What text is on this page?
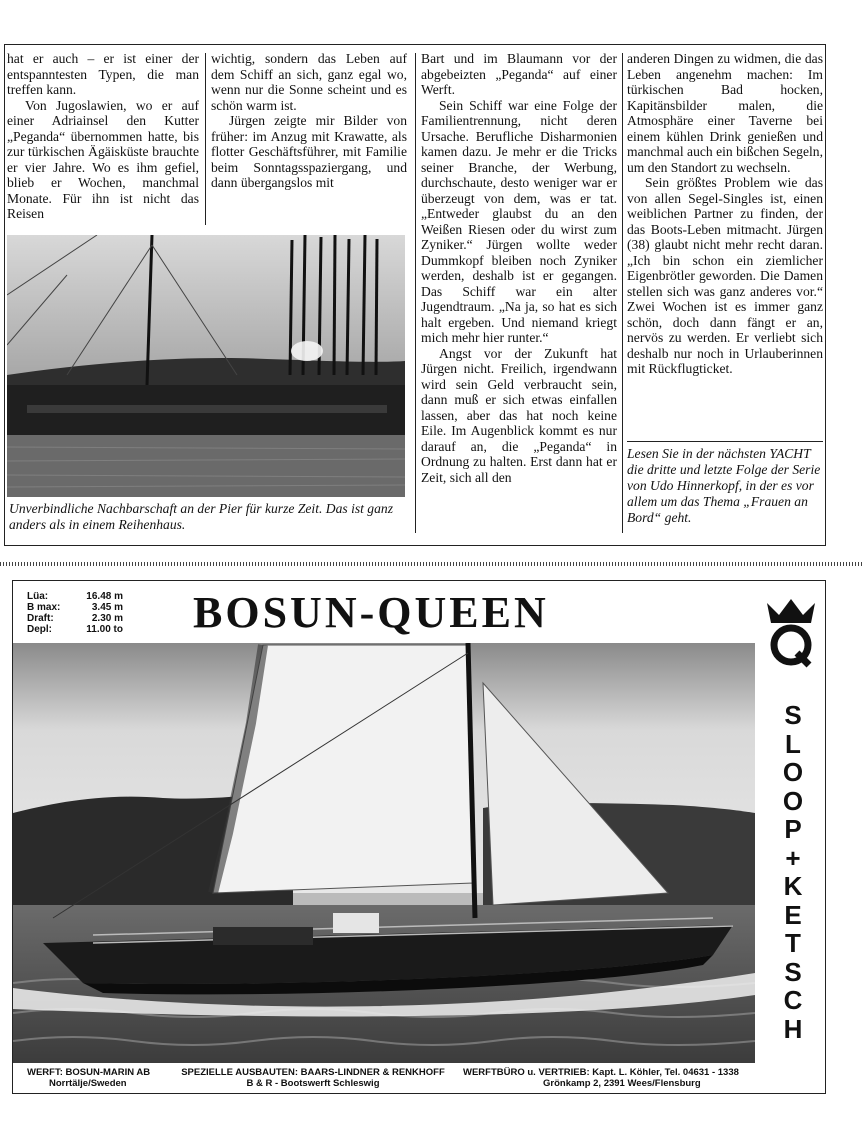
hat er auch – er ist einer der entspanntesten Typen, die man treffen kann.

Von Jugoslawien, wo er auf einer Adriainsel den Kutter „Peganda“ übernommen hatte, bis zur türkischen Ägäisküste brauchte er vier Jahre. Wo es ihm gefiel, blieb er Wochen, manchmal Monate. Für ihn ist nicht das Reisen

wichtig, sondern das Leben auf dem Schiff an sich, ganz egal wo, wenn nur die Sonne scheint und es schön warm ist.

Jürgen zeigte mir Bilder von früher: im Anzug mit Krawatte, als flotter Geschäftsführer, mit Familie beim Sonntagsspaziergang, und dann übergangslos mit

Bart und im Blaumann vor der abgebeizten „Peganda“ auf einer Werft.

Sein Schiff war eine Folge der Familientrennung, nicht deren Ursache. Berufliche Disharmonien kamen dazu. Je mehr er die Tricks seiner Branche, der Werbung, durchschaute, desto weniger war er überzeugt von dem, was er tat. „Entweder glaubst du an den Weißen Riesen oder du wirst zum Zyniker.“ Jürgen wollte weder Dummkopf bleiben noch Zyniker werden, deshalb ist er gegangen. Das Schiff war ein alter Jugendtraum. „Na ja, so hat es sich halt ergeben. Und niemand kriegt mich mehr hier runter.“

Angst vor der Zukunft hat Jürgen nicht. Freilich, irgendwann wird sein Geld verbraucht sein, dann muß er sich etwas einfallen lassen, aber das hat noch keine Eile. Im Augenblick kommt es nur darauf an, die „Peganda“ in Ordnung zu halten. Erst dann hat er Zeit, sich all den

anderen Dingen zu widmen, die das Leben angenehm machen: Im türkischen Bad hocken, Kapitänsbilder malen, die Atmosphäre einer Taverne bei einem kühlen Drink genießen und manchmal auch ein bißchen Segeln, um den Standort zu wechseln.

Sein größtes Problem wie das von allen Segel-Singles ist, einen weiblichen Partner zu finden, der das Boots-Leben mitmacht. Jürgen (38) glaubt nicht mehr recht daran. „Ich bin schon ein ziemlicher Eigenbrötler geworden. Die Damen stellen sich was ganz anderes vor.“ Zwei Wochen ist es immer ganz schön, doch dann fängt er an, nervös zu werden. Er verliebt sich deshalb nur noch in Urlauberinnen mit Rückflugticket.

Unverbindliche Nachbarschaft an der Pier für kurze Zeit. Das ist ganz anders als in einem Reihenhaus.
Lesen Sie in der nächsten YACHT die dritte und letzte Folge der Serie von Udo Hinnerkopf, in der es vor allem um das Thema „Frauen an Bord“ geht.
Lüa:	16.48 m
B max:	3.45 m
Draft:	2.30 m
Depl:	11.00 to BOSUN-QUEEN
S
L
O
O
P
+
K
E
T
S
C
H
WERFT: BOSUN-MARIN AB
Norrtälje/Sweden
SPEZIELLE AUSBAUTEN: BAARS-LINDNER & RENKHOFF
B & R - Bootswerft Schleswig
WERFTBÜRO u. VERTRIEB: Kapt. L. Köhler, Tel. 04631 - 1338
Grönkamp 2, 2391 Wees/Flensburg
